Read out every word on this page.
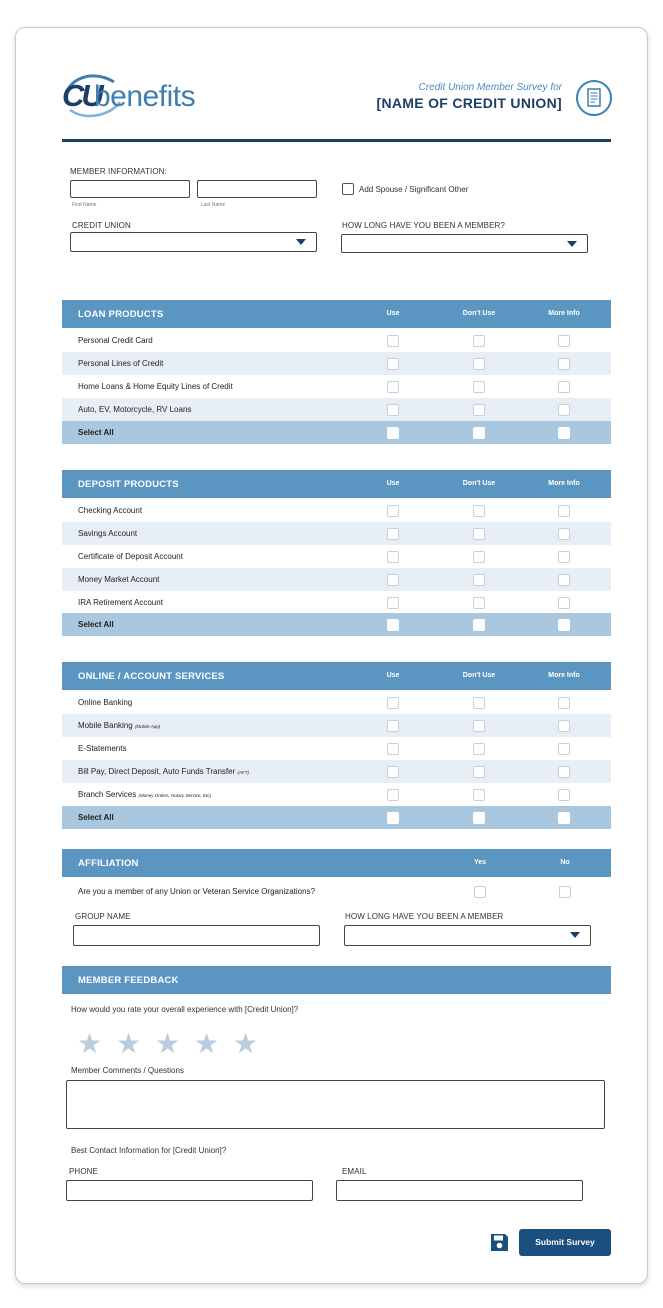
CU
benefits	Credit Union Member Survey for
[NAME OF CREDIT UNION]
MEMBER INFORMATION:
First Name	Last Name
Add Spouse / Significant Other
CREDIT UNION	HOW LONG HAVE YOU BEEN A MEMBER?
LOAN PRODUCTS	Use	Don't Use	More Info
Personal Credit Card
Personal Lines of Credit
Home Loans & Home Equity Lines of Credit
Auto, EV, Motorcycle, RV Loans
Select All
DEPOSIT PRODUCTS	Use	Don't Use	More Info
Checking Account
Savings Account
Certificate of Deposit Account
Money Market Account
IRA Retirement Account
Select All
ONLINE / ACCOUNT SERVICES	Use	Don't Use	More Info
Online Banking
Mobile Banking (Mobile App)
E-Statements
Bill Pay, Direct Deposit, Auto Funds Transfer (AFT)
Branch Services (Money Orders, Notary Service, Etc)
Select All
AFFILIATION	Yes	No
Are you a member of any Union or Veteran Service Organizations?
GROUP NAME	HOW LONG HAVE YOU BEEN A MEMBER
MEMBER FEEDBACK
How would you rate your overall experience with [Credit Union]?
★ ★ ★ ★ ★
Member Comments / Questions
Best Contact Information for [Credit Union]?
PHONE	EMAIL
Submit Survey
